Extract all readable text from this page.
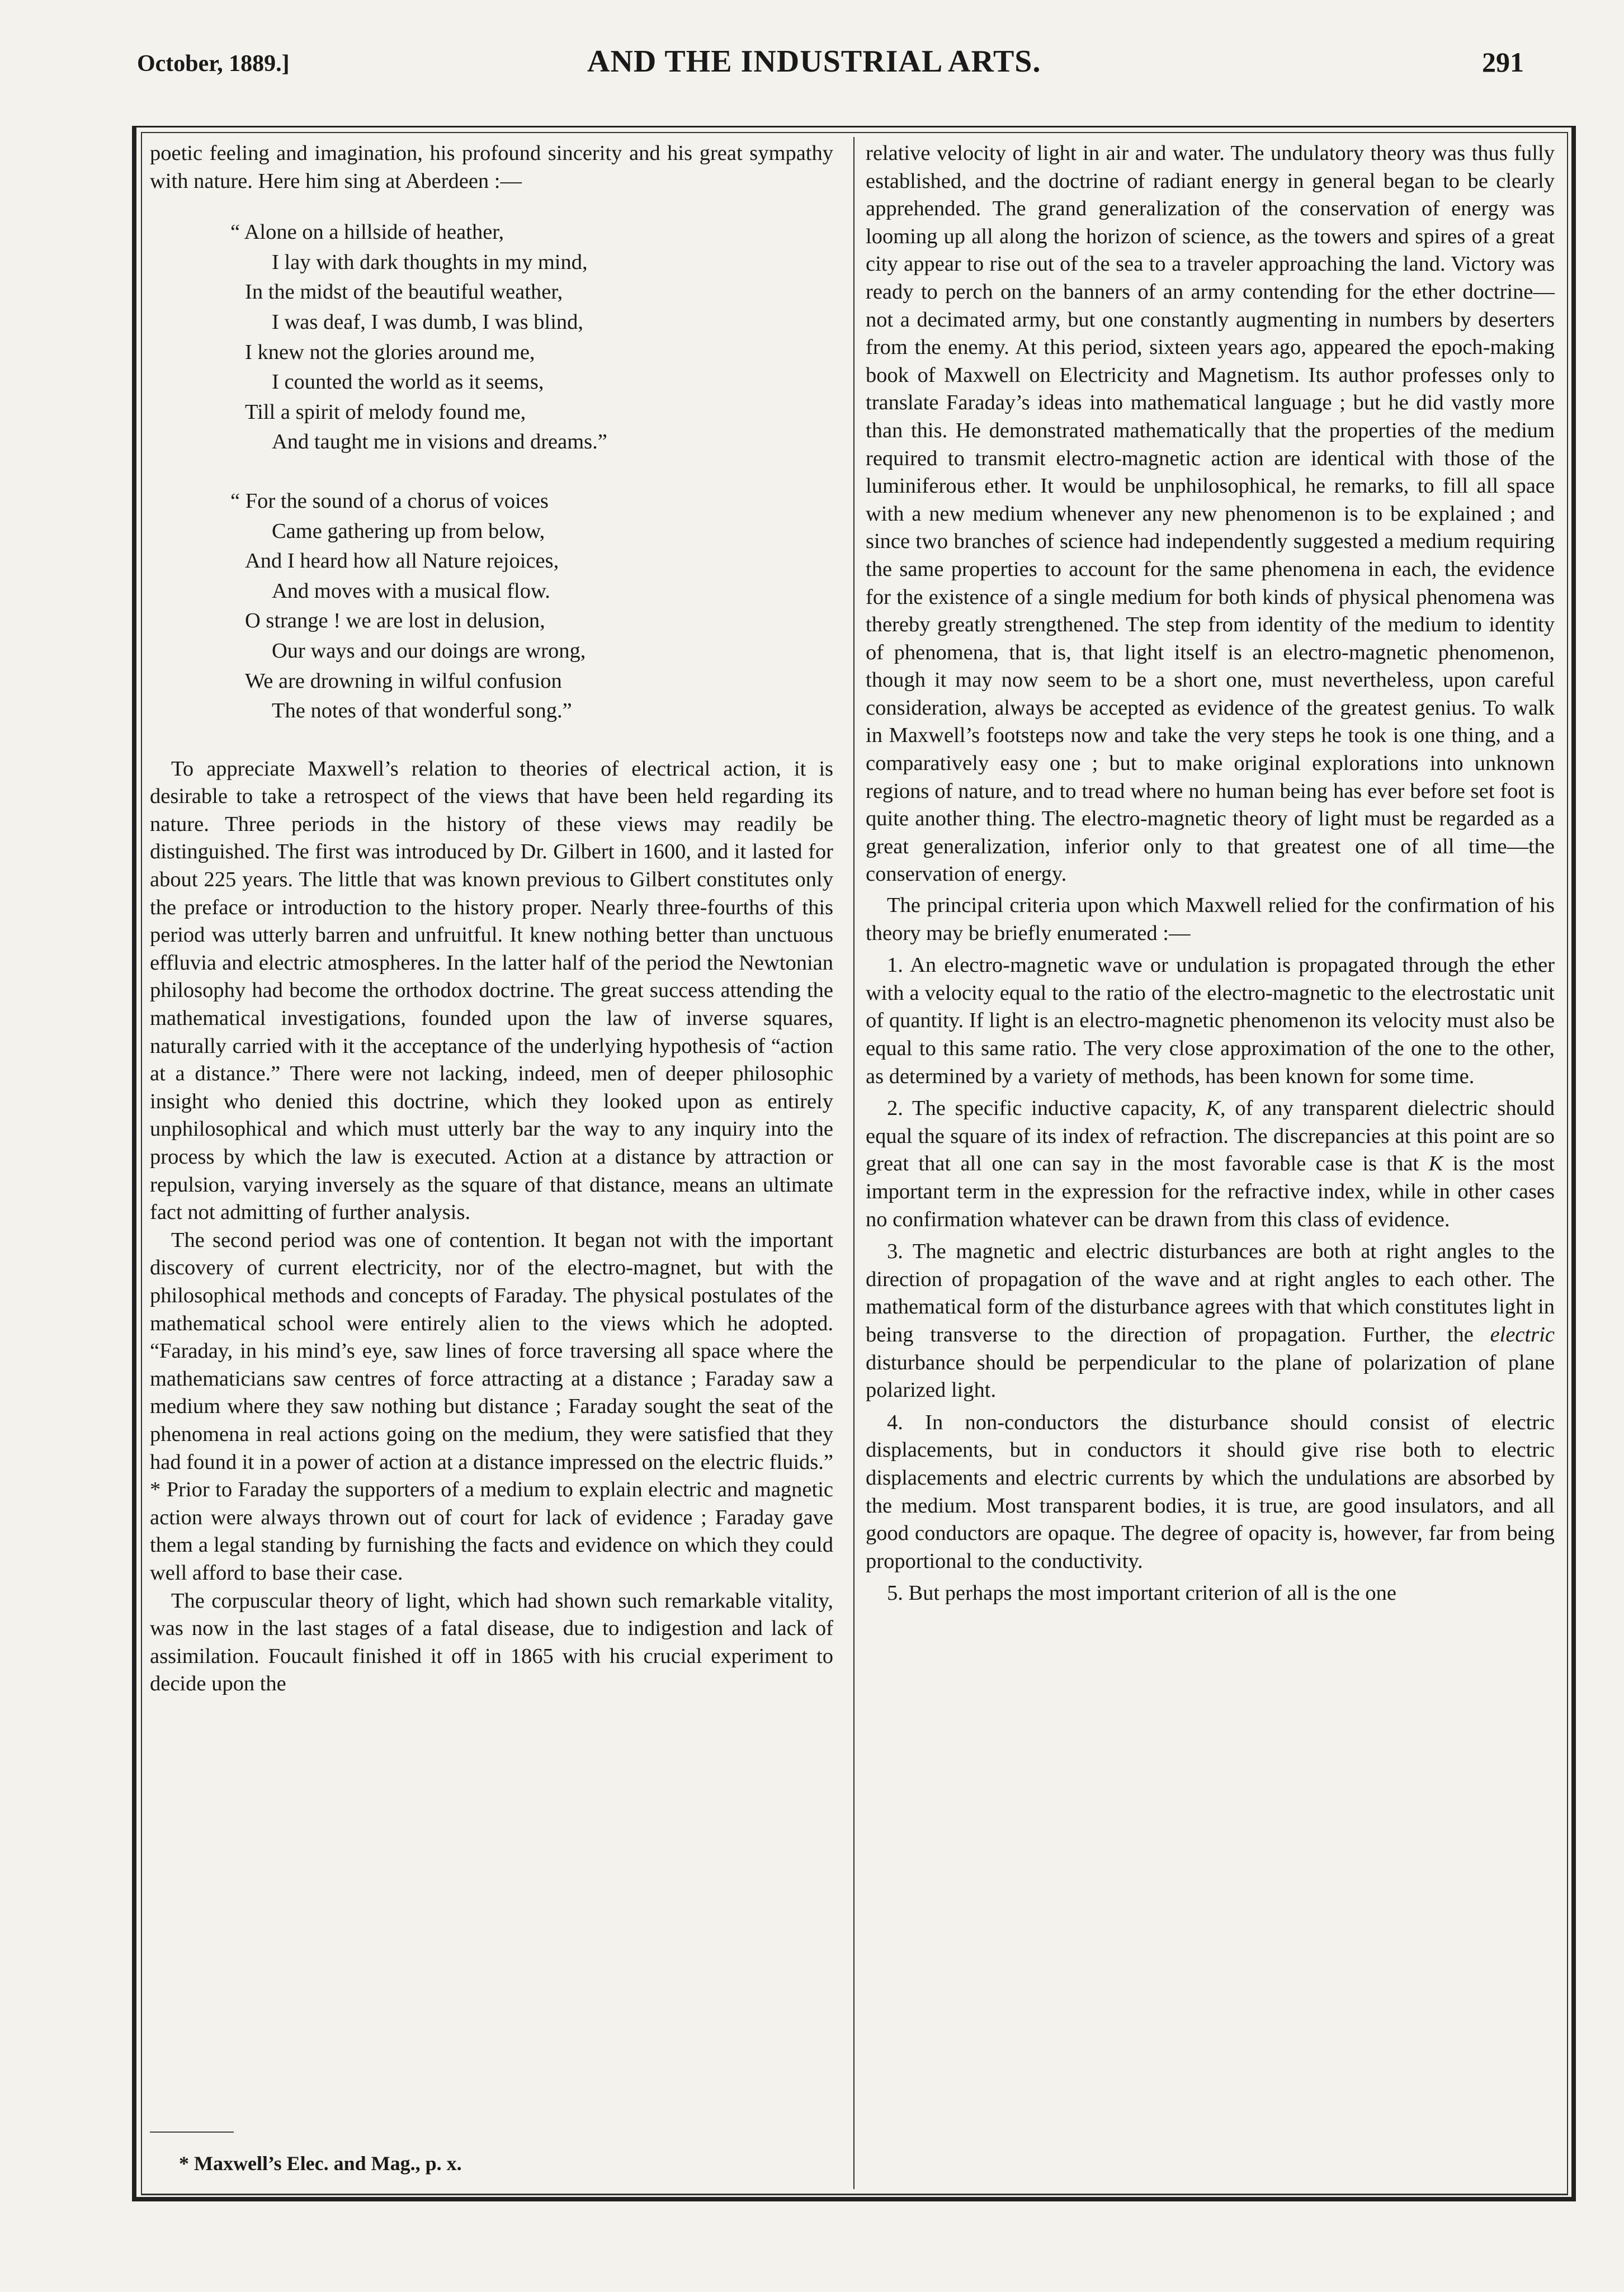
October, 1889.]	AND THE INDUSTRIAL ARTS.	291

poetic feeling and imagination, his profound sincerity and his great sympathy with nature. Here him sing at Aberdeen :—

“ Alone on a hillside of heather,
I lay with dark thoughts in my mind,
In the midst of the beautiful weather,
I was deaf, I was dumb, I was blind,
I knew not the glories around me,
I counted the world as it seems,
Till a spirit of melody found me,
And taught me in visions and dreams.”
“ For the sound of a chorus of voices
Came gathering up from below,
And I heard how all Nature rejoices,
And moves with a musical flow.
O strange ! we are lost in delusion,
Our ways and our doings are wrong,
We are drowning in wilful confusion
The notes of that wonderful song.”

To appreciate Maxwell’s relation to theories of electrical action, it is desirable to take a retrospect of the views that have been held regarding its nature. Three periods in the history of these views may readily be distinguished. The first was introduced by Dr. Gilbert in 1600, and it lasted for about 225 years. The little that was known previous to Gilbert constitutes only the preface or introduction to the history proper. Nearly three-fourths of this period was utterly barren and unfruitful. It knew nothing better than unctuous effluvia and electric atmospheres. In the latter half of the period the Newtonian philosophy had become the orthodox doctrine. The great success attending the mathematical investigations, founded upon the law of inverse squares, naturally carried with it the acceptance of the underlying hypothesis of “action at a distance.” There were not lacking, indeed, men of deeper philosophic insight who denied this doctrine, which they looked upon as entirely unphilosophical and which must utterly bar the way to any inquiry into the process by which the law is executed. Action at a distance by attraction or repulsion, varying inversely as the square of that distance, means an ultimate fact not admitting of further analysis.

The second period was one of contention. It began not with the important discovery of current electricity, nor of the electro-magnet, but with the philosophical methods and concepts of Faraday. The physical postulates of the mathematical school were entirely alien to the views which he adopted. “Faraday, in his mind’s eye, saw lines of force traversing all space where the mathematicians saw centres of force attracting at a distance ; Faraday saw a medium where they saw nothing but distance ; Faraday sought the seat of the phenomena in real actions going on the medium, they were satisfied that they had found it in a power of action at a distance impressed on the electric fluids.” * Prior to Faraday the supporters of a medium to explain electric and magnetic action were always thrown out of court for lack of evidence ; Faraday gave them a legal standing by furnishing the facts and evidence on which they could well afford to base their case.

The corpuscular theory of light, which had shown such remarkable vitality, was now in the last stages of a fatal disease, due to indigestion and lack of assimilation. Foucault finished it off in 1865 with his crucial experiment to decide upon the

* Maxwell’s Elec. and Mag., p. x.

relative velocity of light in air and water. The undulatory theory was thus fully established, and the doctrine of radiant energy in general began to be clearly apprehended. The grand generalization of the conservation of energy was looming up all along the horizon of science, as the towers and spires of a great city appear to rise out of the sea to a traveler approaching the land. Victory was ready to perch on the banners of an army contending for the ether doctrine—not a decimated army, but one constantly augmenting in numbers by deserters from the enemy. At this period, sixteen years ago, appeared the epoch-making book of Maxwell on Electricity and Magnetism. Its author professes only to translate Faraday’s ideas into mathematical language ; but he did vastly more than this. He demonstrated mathematically that the properties of the medium required to transmit electro-magnetic action are identical with those of the luminiferous ether. It would be unphilosophical, he remarks, to fill all space with a new medium whenever any new phenomenon is to be explained ; and since two branches of science had independently suggested a medium requiring the same properties to account for the same phenomena in each, the evidence for the existence of a single medium for both kinds of physical phenomena was thereby greatly strengthened. The step from identity of the medium to identity of phenomena, that is, that light itself is an electro-magnetic phenomenon, though it may now seem to be a short one, must nevertheless, upon careful consideration, always be accepted as evidence of the greatest genius. To walk in Maxwell’s footsteps now and take the very steps he took is one thing, and a comparatively easy one ; but to make original explorations into unknown regions of nature, and to tread where no human being has ever before set foot is quite another thing. The electro-magnetic theory of light must be regarded as a great generalization, inferior only to that greatest one of all time—the conservation of energy.

The principal criteria upon which Maxwell relied for the confirmation of his theory may be briefly enumerated :—

1. An electro-magnetic wave or undulation is propagated through the ether with a velocity equal to the ratio of the electro-magnetic to the electrostatic unit of quantity. If light is an electro-magnetic phenomenon its velocity must also be equal to this same ratio. The very close approximation of the one to the other, as determined by a variety of methods, has been known for some time.

2. The specific inductive capacity, K, of any transparent dielectric should equal the square of its index of refraction. The discrepancies at this point are so great that all one can say in the most favorable case is that K is the most important term in the expression for the refractive index, while in other cases no confirmation whatever can be drawn from this class of evidence.

3. The magnetic and electric disturbances are both at right angles to the direction of propagation of the wave and at right angles to each other. The mathematical form of the disturbance agrees with that which constitutes light in being transverse to the direction of propagation. Further, the electric disturbance should be perpendicular to the plane of polarization of plane polarized light.

4. In non-conductors the disturbance should consist of electric displacements, but in conductors it should give rise both to electric displacements and electric currents by which the undulations are absorbed by the medium. Most transparent bodies, it is true, are good insulators, and all good conductors are opaque. The degree of opacity is, however, far from being proportional to the conductivity.

5. But perhaps the most important criterion of all is the one
